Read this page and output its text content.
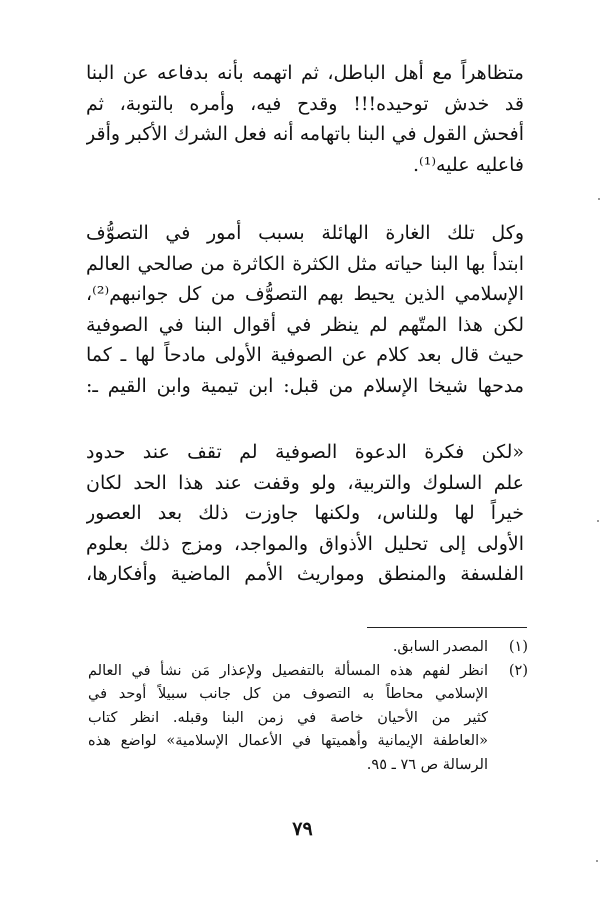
متظاهراً مع أهل الباطل، ثم اتهمه بأنه بدفاعه عن البنا
قد خدش توحيده!!! وقدح فيه، وأمره بالتوبة، ثم
أفحش القول في البنا باتهامه أنه فعل الشرك الأكبر وأقر
فاعليه عليه⁽¹⁾.
وكل تلك الغارة الهائلة بسبب أمور في التصوُّف
ابتدأ بها البنا حياته مثل الكثرة الكاثرة من صالحي العالم
الإسلامي الذين يحيط بهم التصوُّف من كل جوانبهم⁽²⁾،
لكن هذا المتّهم لم ينظر في أقوال البنا في الصوفية
حيث قال بعد كلام عن الصوفية الأولى مادحاً لها ـ كما
مدحها شيخا الإسلام من قبل: ابن تيمية وابن القيم ـ:
«لكن فكرة الدعوة الصوفية لم تقف عند حدود
علم السلوك والتربية، ولو وقفت عند هذا الحد لكان
خيراً لها وللناس، ولكنها جاوزت ذلك بعد العصور
الأولى إلى تحليل الأذواق والمواجد، ومزج ذلك بعلوم
الفلسفة والمنطق ومواريث الأمم الماضية وأفكارها،
(١)
المصدر السابق.
(٢)
انظر لفهم هذه المسألة بالتفصيل ولإعذار مَن نشأ في العالم
الإسلامي محاطاً به التصوف من كل جانب سبيلاً أوحد في
كثير من الأحيان خاصة في زمن البنا وقبله. انظر كتاب
«العاطفة الإيمانية وأهميتها في الأعمال الإسلامية» لواضع هذه
الرسالة ص ٧٦ ـ ٩٥.
٧٩
